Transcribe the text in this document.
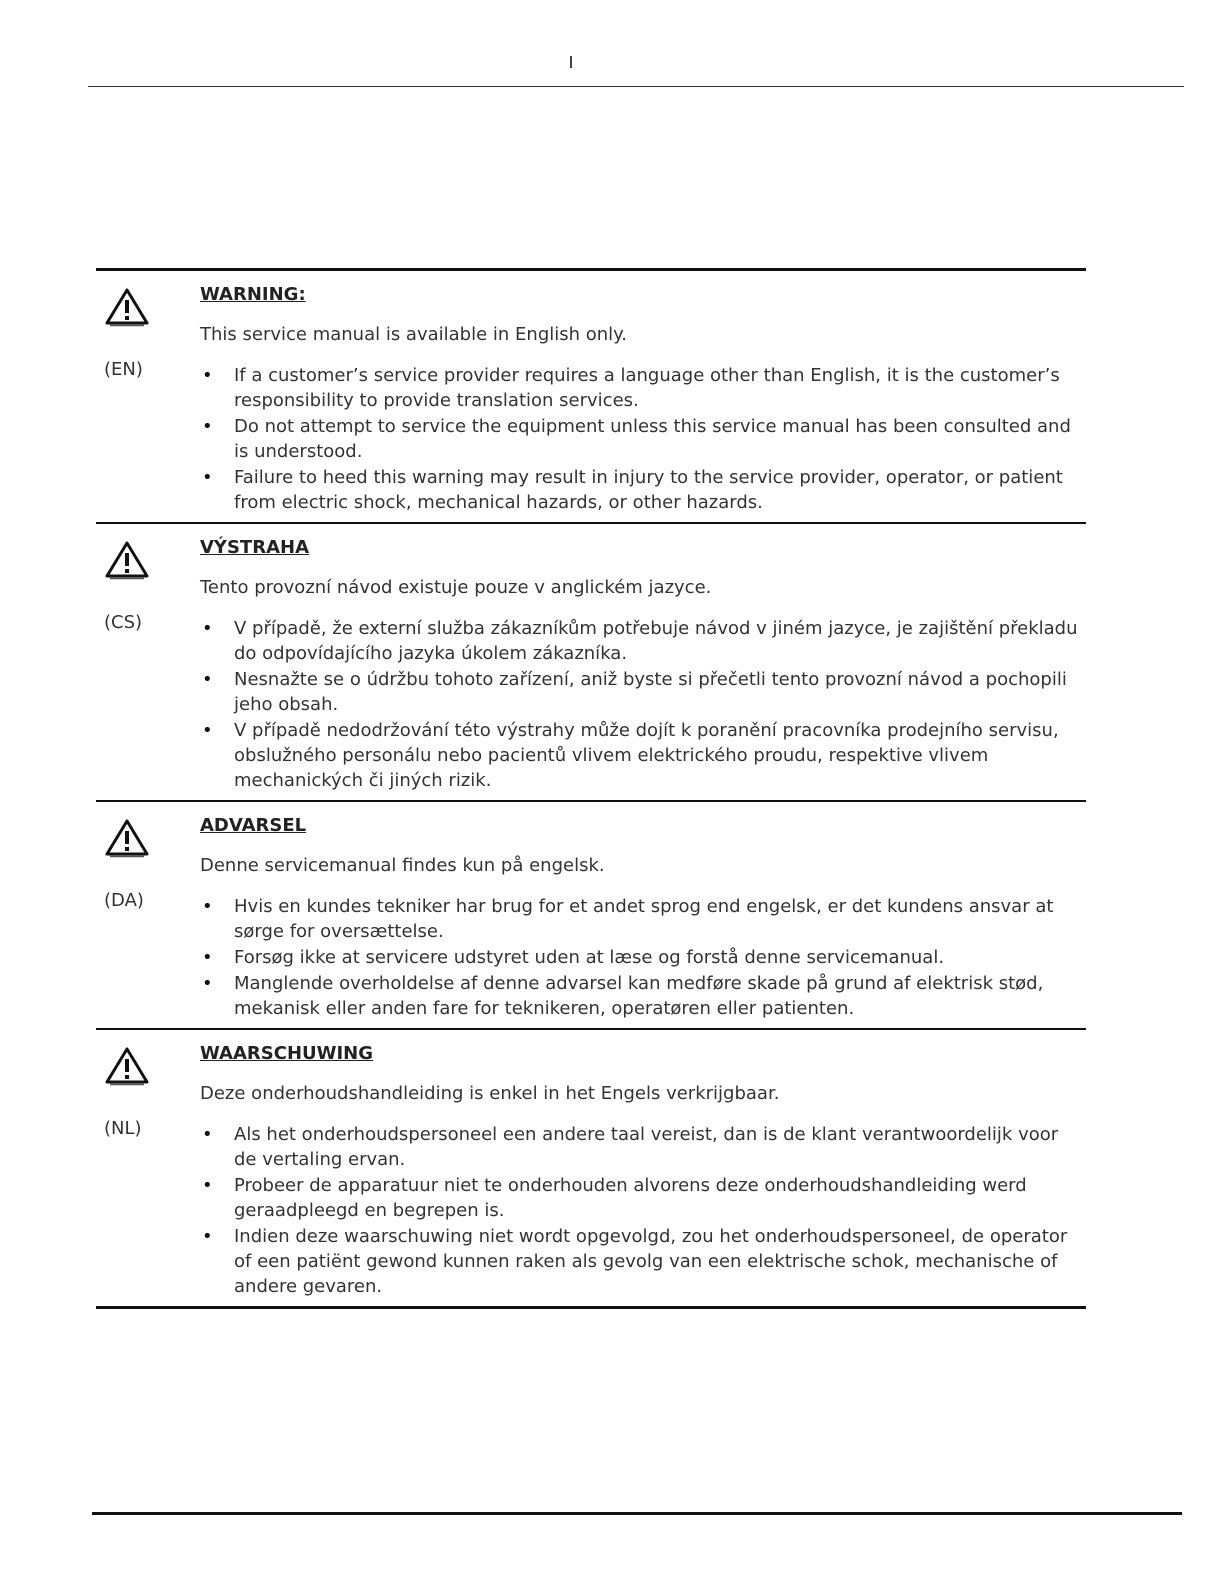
(EN)
WARNING:
This service manual is available in English only.
• If a customer’s service provider requires a language other than English, it is the customer’s responsibility to provide translation services.
• Do not attempt to service the equipment unless this service manual has been consulted and is understood.
• Failure to heed this warning may result in injury to the service provider, operator, or patient from electric shock, mechanical hazards, or other hazards.
(CS)
VÝSTRAHA
Tento provozní návod existuje pouze v anglickém jazyce.
• V případě, že externí služba zákazníkům potřebuje návod v jiném jazyce, je zajištění překladu do odpovídajícího jazyka úkolem zákazníka.
• Nesnažte se o údržbu tohoto zařízení, aniž byste si přečetli tento provozní návod a pochopili jeho obsah.
• V případě nedodržování této výstrahy může dojít k poranění pracovníka prodejního servisu, obslužného personálu nebo pacientů vlivem elektrického proudu, respektive vlivem mechanických či jiných rizik.
(DA)
ADVARSEL
Denne servicemanual findes kun på engelsk.
• Hvis en kundes tekniker har brug for et andet sprog end engelsk, er det kundens ansvar at sørge for oversættelse.
• Forsøg ikke at servicere udstyret uden at læse og forstå denne servicemanual.
• Manglende overholdelse af denne advarsel kan medføre skade på grund af elektrisk stød, mekanisk eller anden fare for teknikeren, operatøren eller patienten.
(NL)
WAARSCHUWING
Deze onderhoudshandleiding is enkel in het Engels verkrijgbaar.
• Als het onderhoudspersoneel een andere taal vereist, dan is de klant verantwoordelijk voor de vertaling ervan.
• Probeer de apparatuur niet te onderhouden alvorens deze onderhoudshandleiding werd geraadpleegd en begrepen is.
• Indien deze waarschuwing niet wordt opgevolgd, zou het onderhoudspersoneel, de operator of een patiënt gewond kunnen raken als gevolg van een elektrische schok, mechanische of andere gevaren.
